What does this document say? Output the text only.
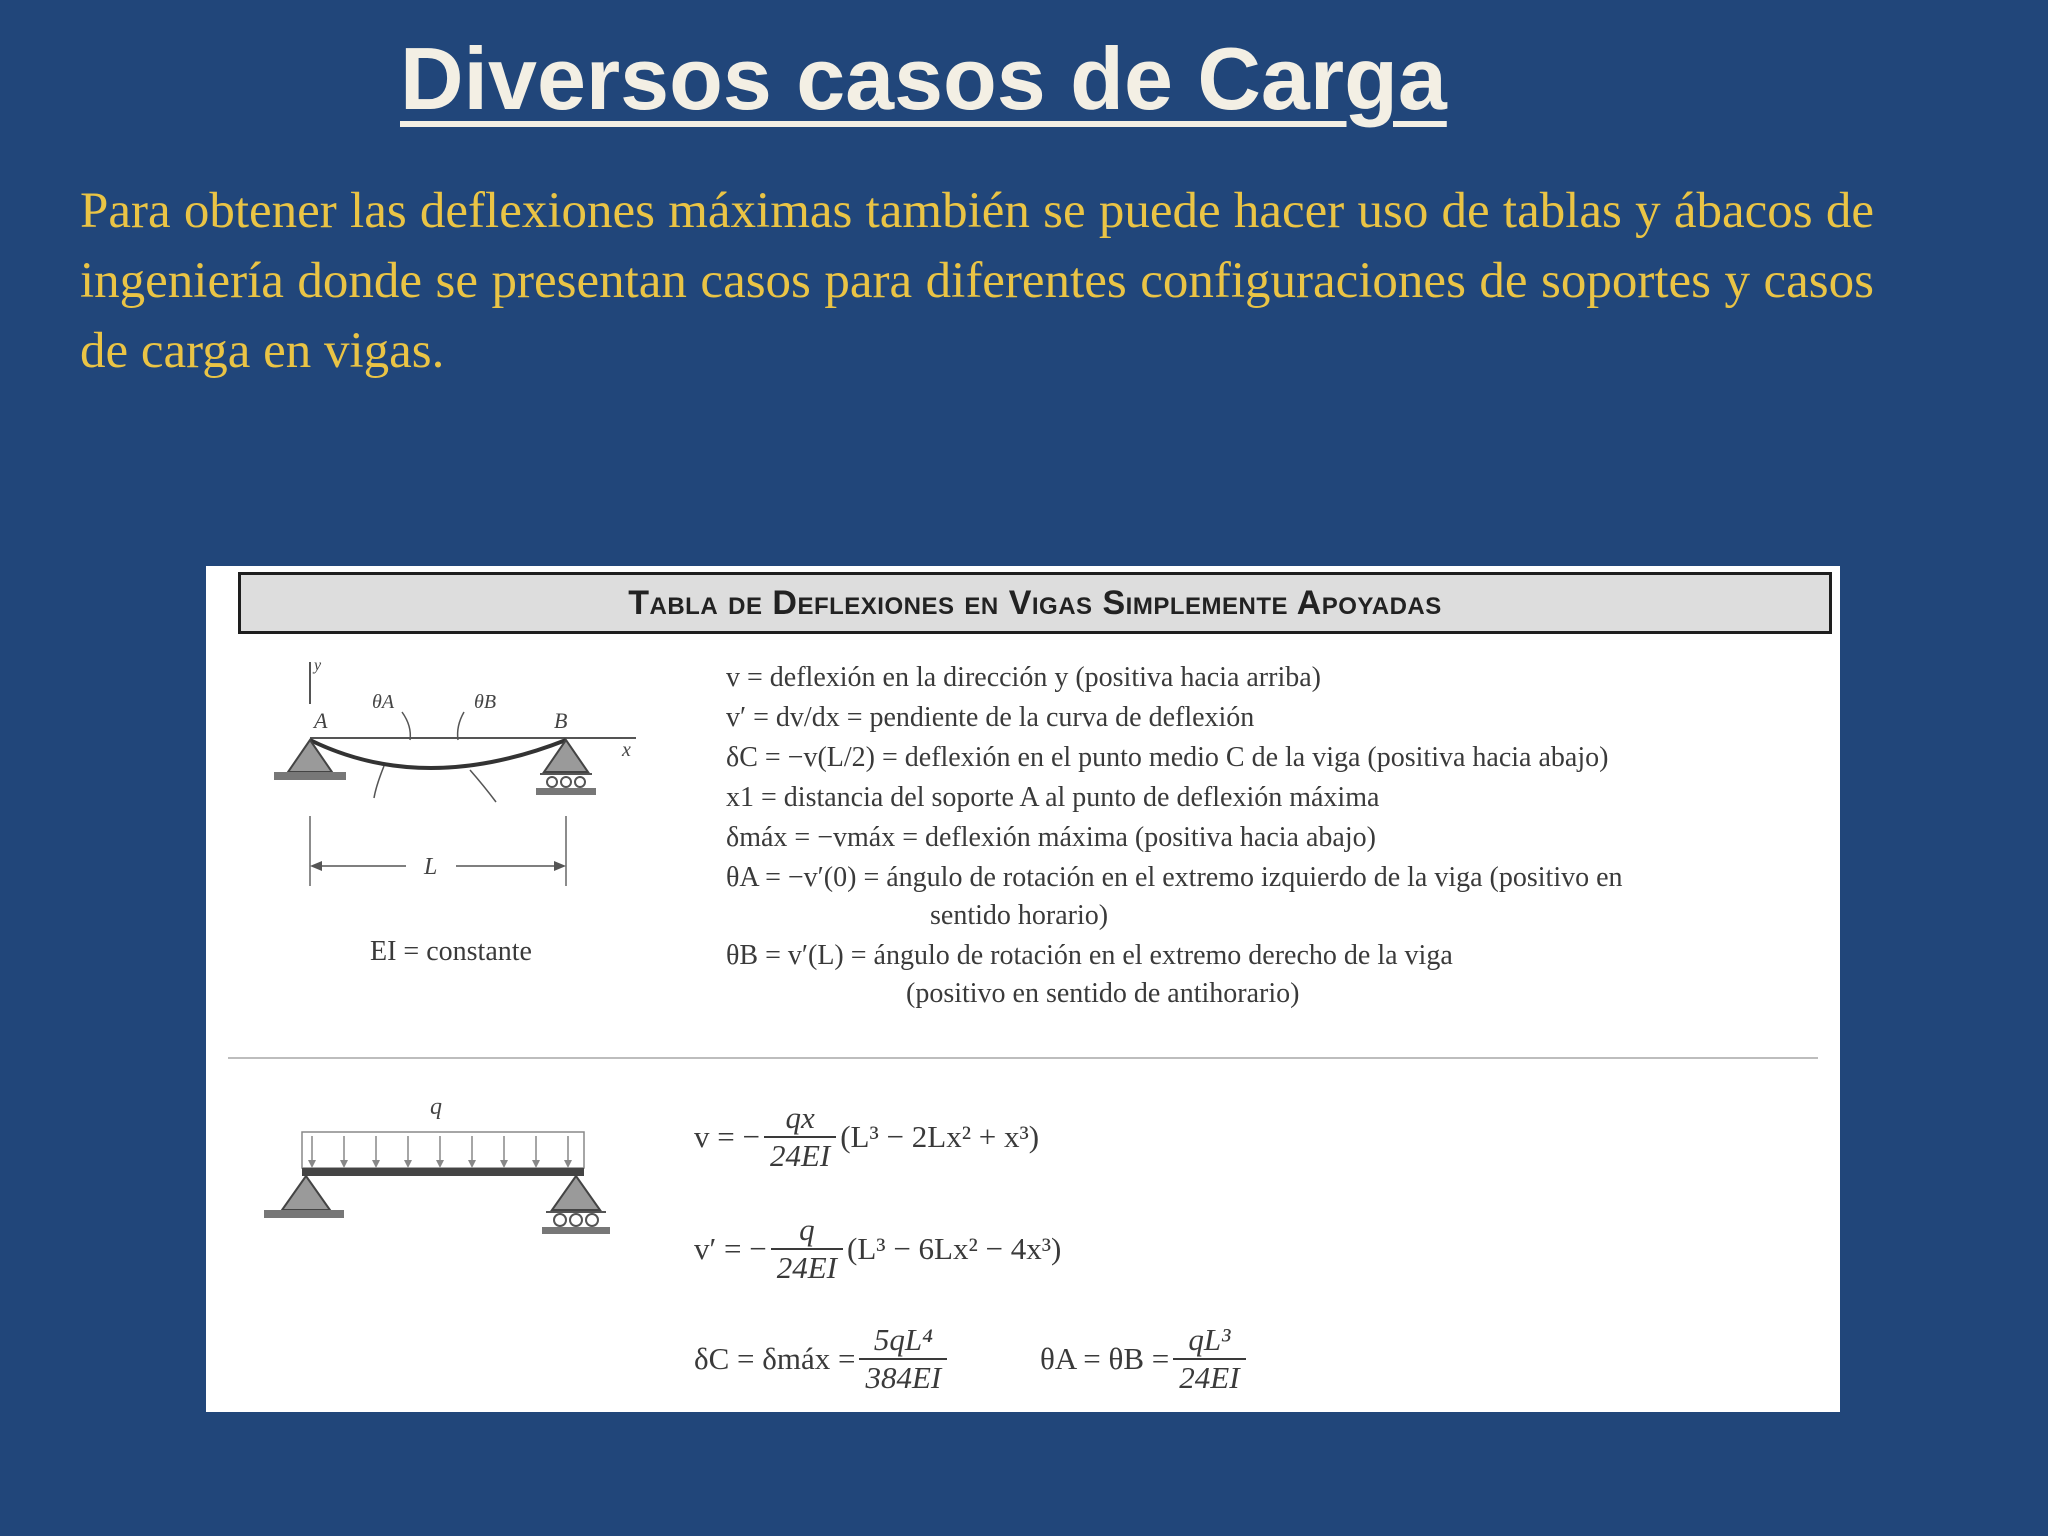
Diversos casos de Carga

Para obtener las deflexiones máximas también se puede hacer uso de tablas y ábacos de ingeniería donde se presentan casos para diferentes configuraciones de soportes y casos de carga en vigas.

Tabla de Deflexiones en Vigas Simplemente Apoyadas
y
x
A	B
θA	θB
L
EI = constante
v = deflexión en la dirección y (positiva hacia arriba)
v′ = dv/dx = pendiente de la curva de deflexión
δC = −v(L/2) = deflexión en el punto medio C de la viga (positiva hacia abajo)
x1 = distancia del soporte A al punto de deflexión máxima
δmáx = −vmáx = deflexión máxima (positiva hacia abajo)
θA = −v′(0) = ángulo de rotación en el extremo izquierdo de la viga (positivo en
sentido horario)
θB = v′(L) = ángulo de rotación en el extremo derecho de la viga
(positivo en sentido de antihorario)
q
v = − $\frac{qx}{24EI} (L^3 - 2Lx^2 + x^3)$
v′ = − $\frac{q}{24EI} (L^3 - 6Lx^2 - 4x^3)$
δC = δmáx = $\frac{\text{5qL⁴}}{384EI}$	$\theta A = \theta B = \frac{\text{qL³}}{24EI}$
